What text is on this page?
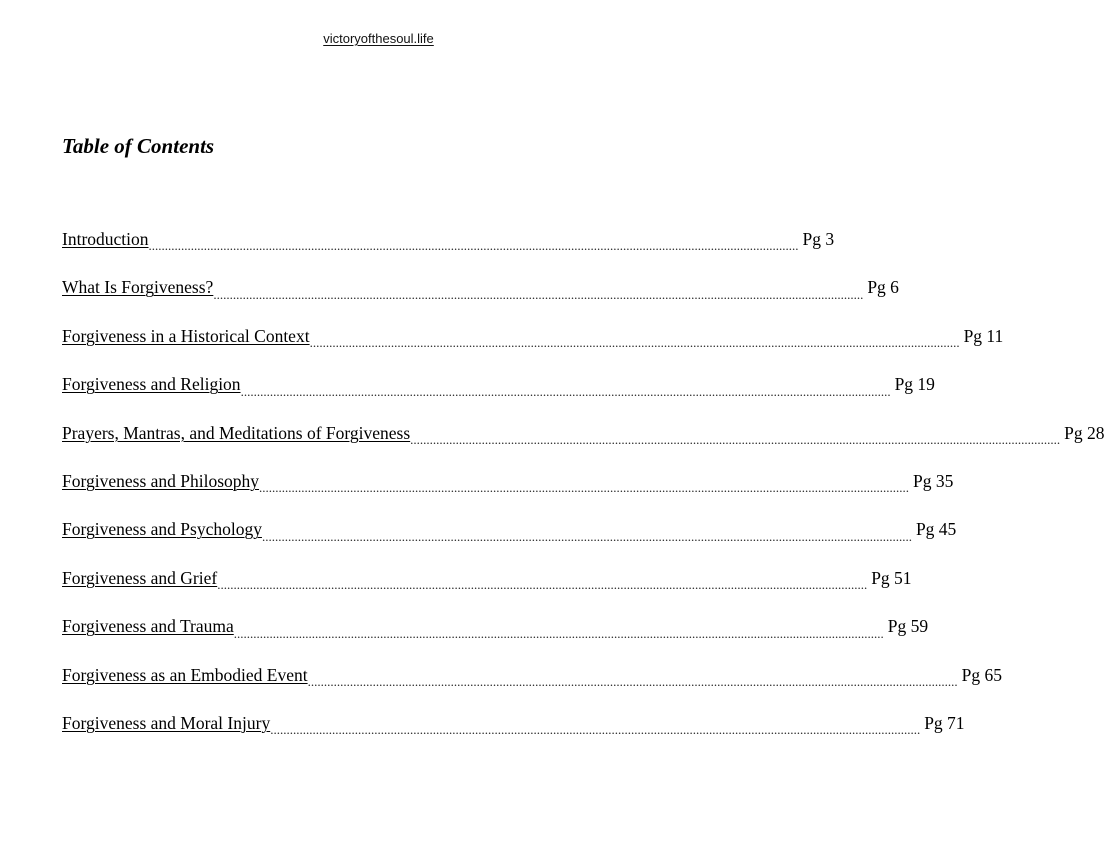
victoryofthesoul.life
Table of Contents
Introduction ........................................................................................................................................................................................................ Pg 3
What Is Forgiveness? ........................................................................................................................................................................................................ Pg 6
Forgiveness in a Historical Context ........................................................................................................................................................................................................ Pg 11
Forgiveness and Religion ........................................................................................................................................................................................................ Pg 19
Prayers, Mantras, and Meditations of Forgiveness ........................................................................................................................................................................................................ Pg 28
Forgiveness and Philosophy ........................................................................................................................................................................................................ Pg 35
Forgiveness and Psychology ........................................................................................................................................................................................................ Pg 45
Forgiveness and Grief ........................................................................................................................................................................................................ Pg 51
Forgiveness and Trauma ........................................................................................................................................................................................................ Pg 59
Forgiveness as an Embodied Event ........................................................................................................................................................................................................ Pg 65
Forgiveness and Moral Injury ........................................................................................................................................................................................................ Pg 71
